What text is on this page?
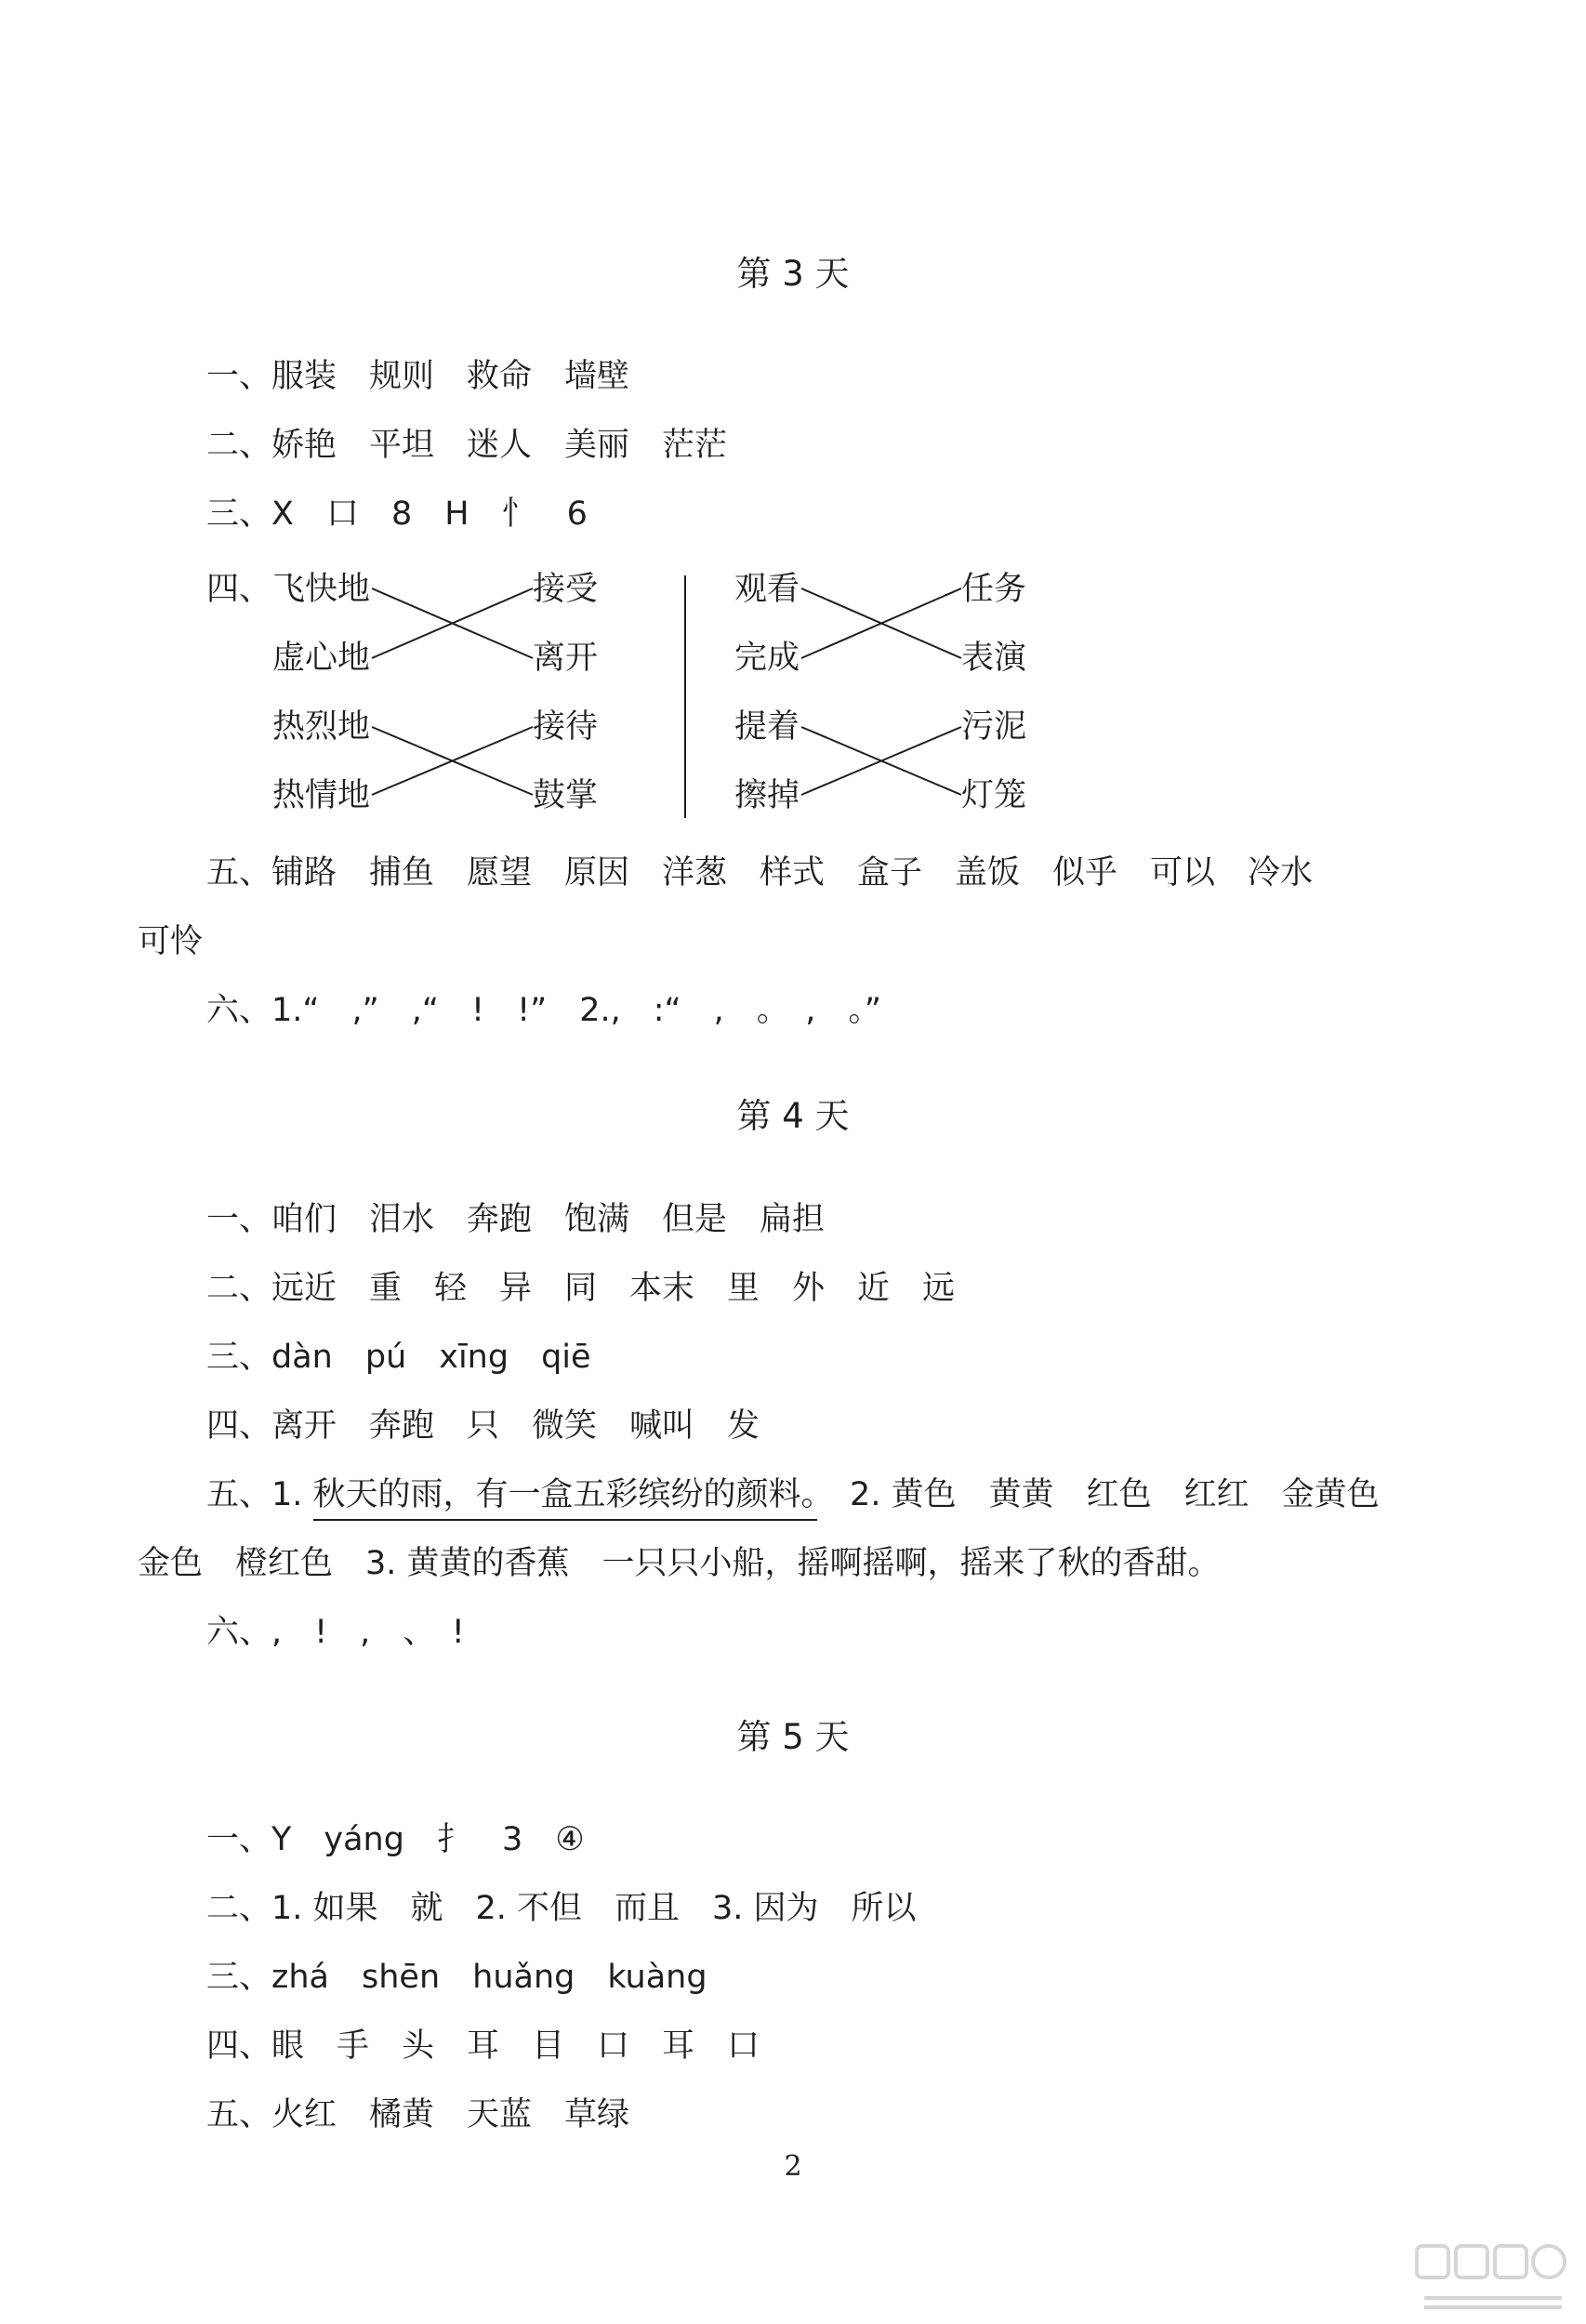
第 3 天
一、服装　规则　救命　墙壁
二、娇艳　平坦　迷人　美丽　茫茫
三、X　口　8　H　忄　6
四、 飞快地
虚心地
热烈地
热情地
接受
离开
接待
鼓掌
观看
完成
提着
擦掉
任务
表演
污泥
灯笼
五、铺路　捕鱼　愿望　原因　洋葱　样式　盒子　盖饭　似乎　可以　冷水
可怜
六、1.“　,”　,“　!　!”　2.,　:“　,　。　,　。”
第 4 天
一、咱们　泪水　奔跑　饱满　但是　扁担
二、远近　重　轻　异　同　本末　里　外　近　远
三、dàn　pú　xīng　qiē
四、离开　奔跑　只　微笑　喊叫　发
五、1. 秋天的雨，有一盒五彩缤纷的颜料。　2. 黄色　黄黄　红色　红红　金黄色
金色　橙红色　3. 黄黄的香蕉　一只只小船，摇啊摇啊，摇来了秋的香甜。
六、,　!　,　、　!
第 5 天
一、Y　yáng　扌　3　④
二、1. 如果　就　2. 不但　而且　3. 因为　所以
三、zhá　shēn　huǎng　kuàng
四、眼　手　头　耳　目　口　耳　口
五、火红　橘黄　天蓝　草绿
2
